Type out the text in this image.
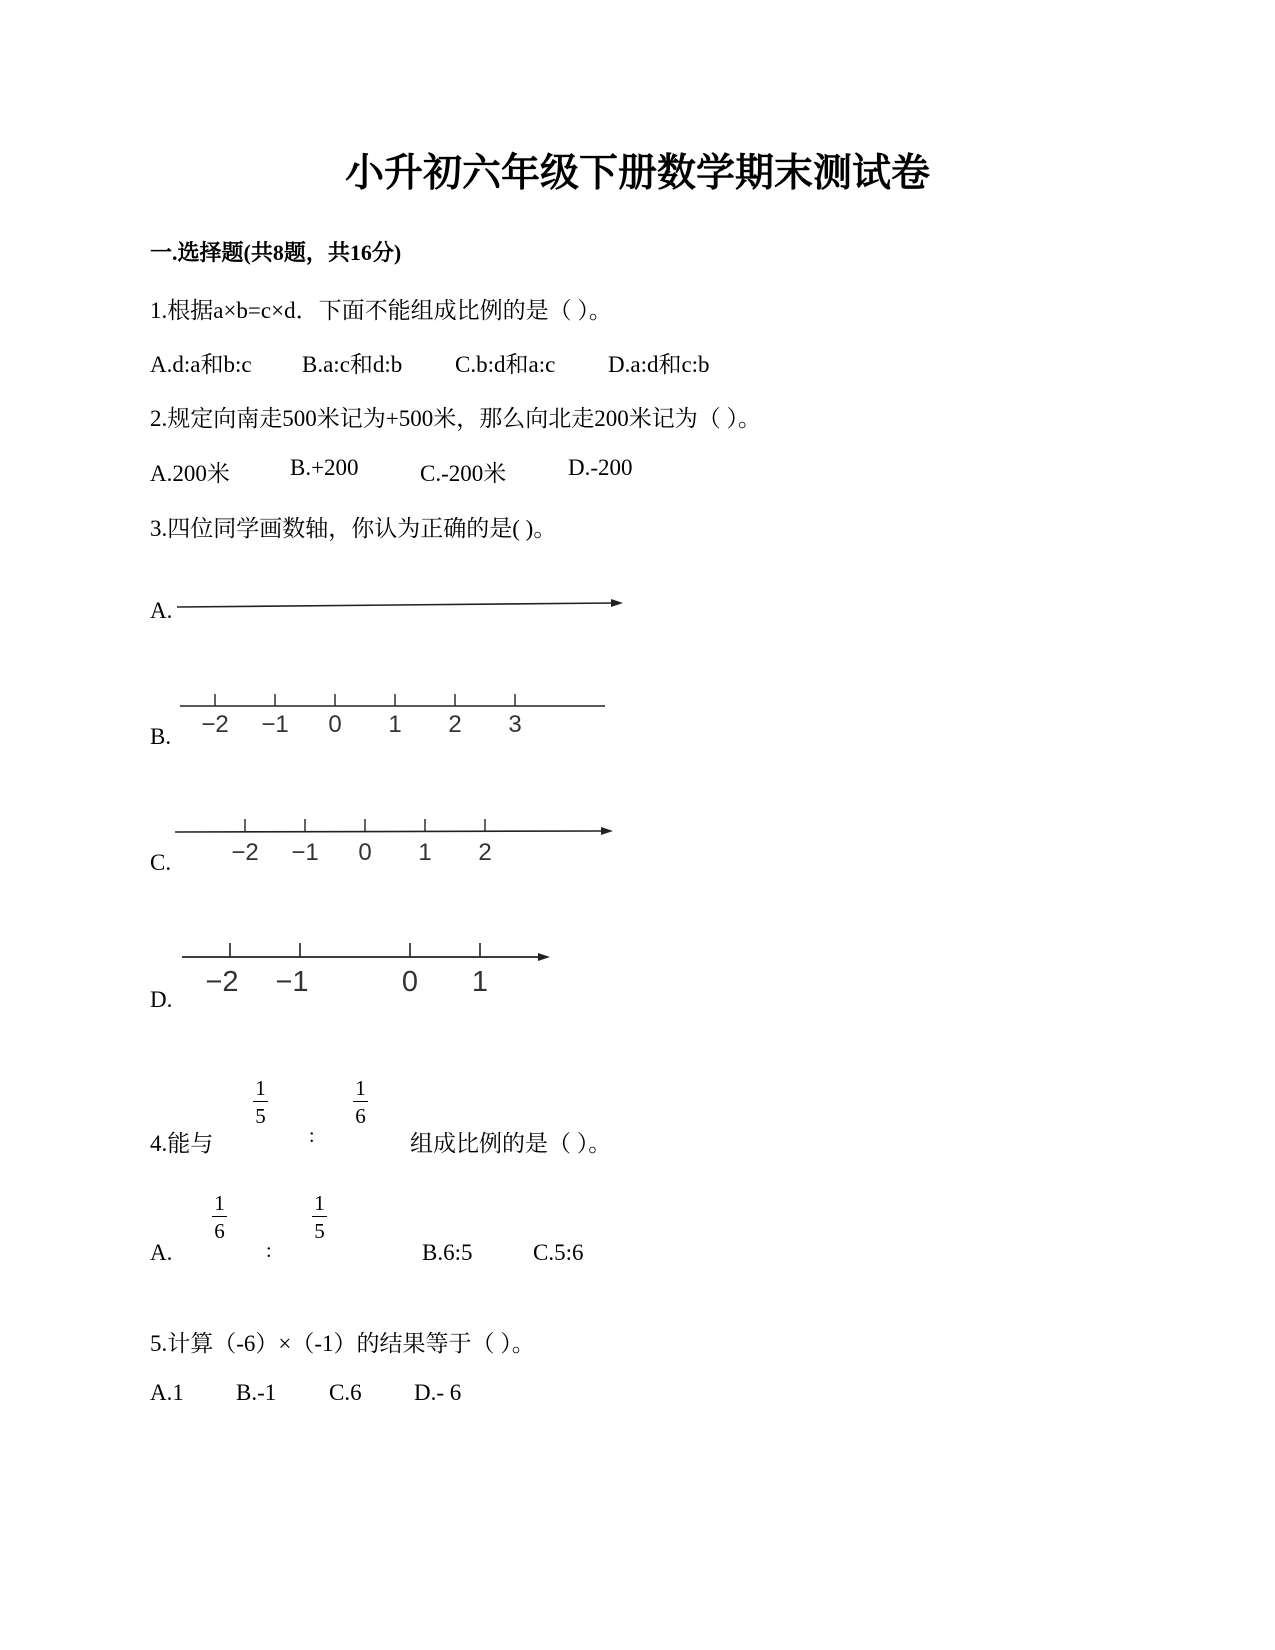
小升初六年级下册数学期末测试卷
一.选择题(共8题，共16分)
1.根据a×b=c×d．下面不能组成比例的是（ ）。
A.d:a和b:c B.a:c和d:b C.b:d和a:c D.a:d和c:b
2.规定向南走500米记为+500米，那么向北走200米记为（ ）。
A.200米	B.+200	C.-200米	D.-200
3.四位同学画数轴，你认为正确的是( )。
A.
B. −2 −1 0 1 2 3
C.	−2 −1 0 1 2
D.
−2 −1	0 1
4.能与
1
5
:
1
6
组成比例的是（ ）。
A.
1
6
:
1
5
B.6:5	C.5:6
5.计算（-6）×（-1）的结果等于（ ）。
A.1 B.-1 C.6 D.- 6
